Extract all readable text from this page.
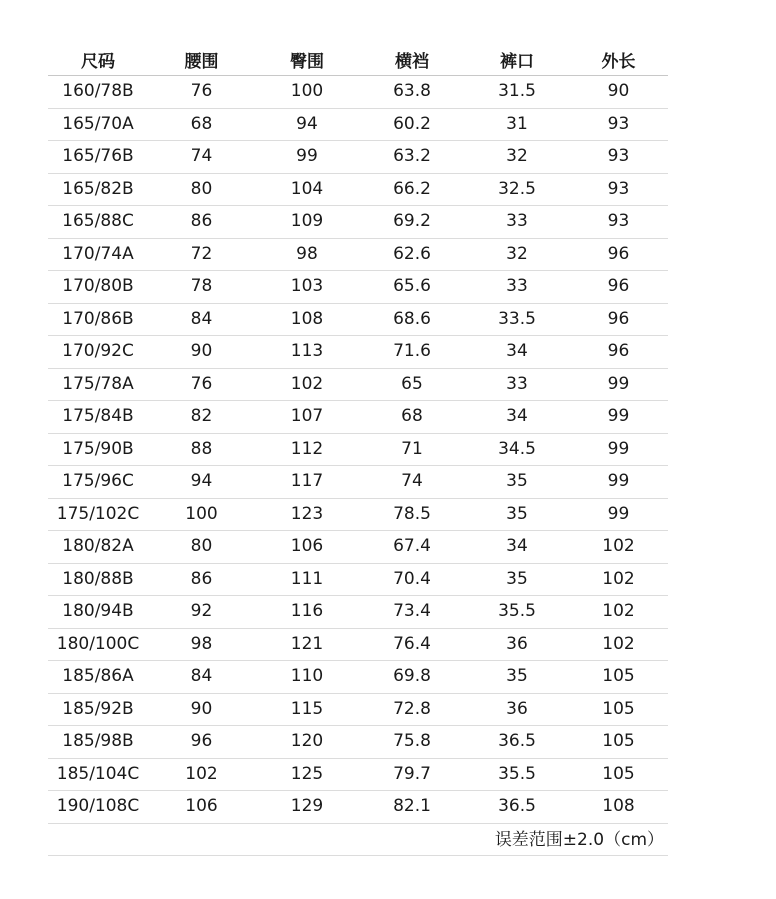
尺码	腰围	臀围	横裆	裤口	外长
160/78B	76	100	63.8	31.5	90
165/70A	68	94	60.2	31	93
165/76B	74	99	63.2	32	93
165/82B	80	104	66.2	32.5	93
165/88C	86	109	69.2	33	93
170/74A	72	98	62.6	32	96
170/80B	78	103	65.6	33	96
170/86B	84	108	68.6	33.5	96
170/92C	90	113	71.6	34	96
175/78A	76	102	65	33	99
175/84B	82	107	68	34	99
175/90B	88	112	71	34.5	99
175/96C	94	117	74	35	99
175/102C	100	123	78.5	35	99
180/82A	80	106	67.4	34	102
180/88B	86	111	70.4	35	102
180/94B	92	116	73.4	35.5	102
180/100C	98	121	76.4	36	102
185/86A	84	110	69.8	35	105
185/92B	90	115	72.8	36	105
185/98B	96	120	75.8	36.5	105
185/104C	102	125	79.7	35.5	105
190/108C	106	129	82.1	36.5	108
误差范围±2.0（cm）
